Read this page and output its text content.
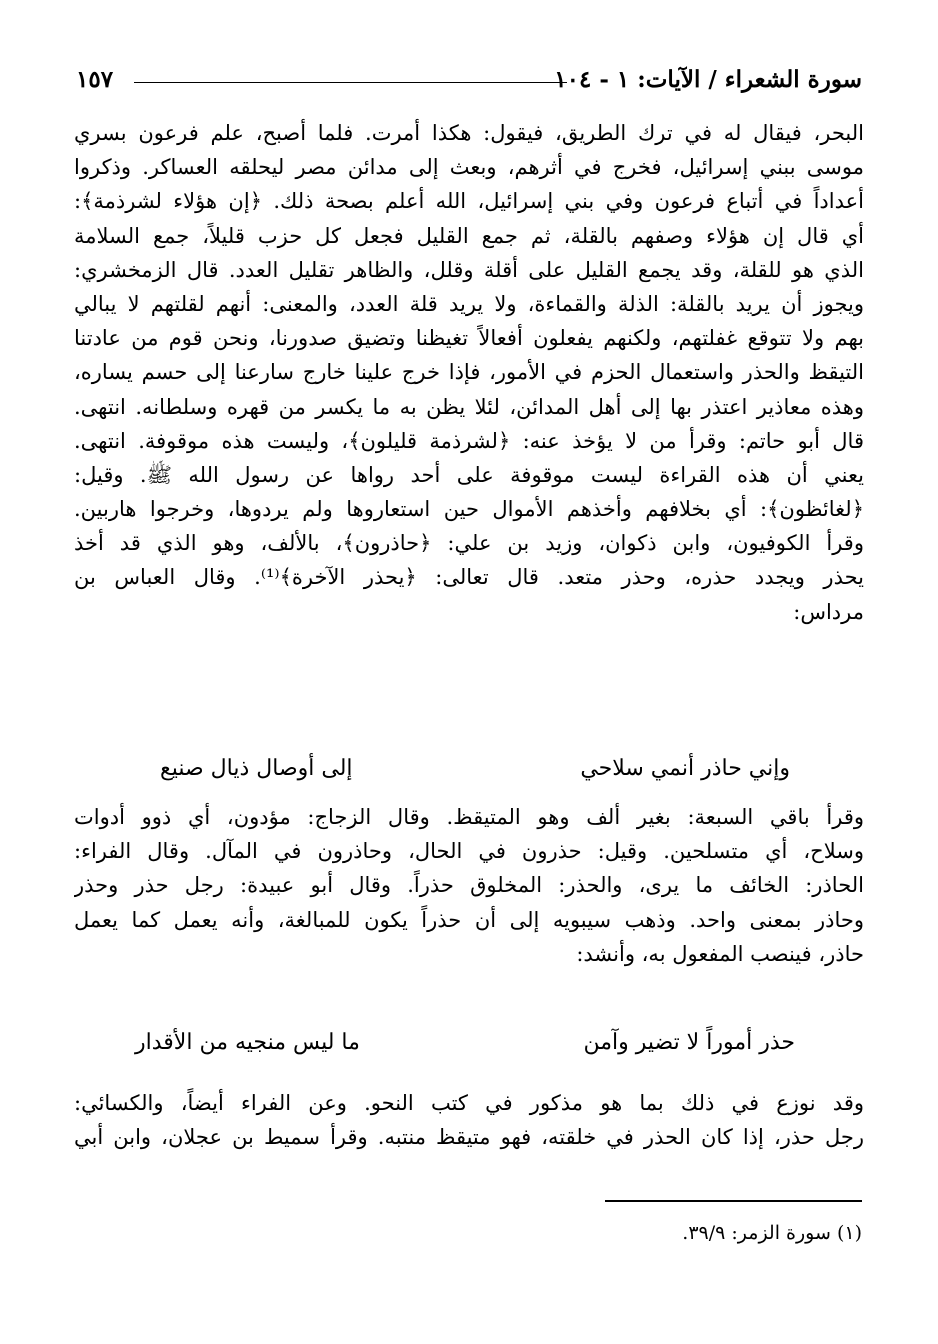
سورة الشعراء / الآيات: ١ - ١٠٤
١٥٧
البحر، فيقال له في ترك الطريق، فيقول: هكذا أمرت. فلما أصبح، علم فرعون بسري
موسى ببني إسرائيل، فخرج في أثرهم، وبعث إلى مدائن مصر ليحلقه العساكر. وذكروا
أعداداً في أتباع فرعون وفي بني إسرائيل، الله أعلم بصحة ذلك. ﴿إن هؤلاء لشرذمة﴾:
أي قال إن هؤلاء وصفهم بالقلة، ثم جمع القليل فجعل كل حزب قليلاً، جمع السلامة
الذي هو للقلة، وقد يجمع القليل على أقلة وقلل، والظاهر تقليل العدد. قال الزمخشري:
ويجوز أن يريد بالقلة: الذلة والقماءة، ولا يريد قلة العدد، والمعنى: أنهم لقلتهم لا يبالي
بهم ولا تتوقع غفلتهم، ولكنهم يفعلون أفعالاً تغيظنا وتضيق صدورنا، ونحن قوم من عادتنا
التيقظ والحذر واستعمال الحزم في الأمور، فإذا خرج علينا خارج سارعنا إلى حسم يساره،
وهذه معاذير اعتذر بها إلى أهل المدائن، لئلا يظن به ما يكسر من قهره وسلطانه. انتهى.
قال أبو حاتم: وقرأ من لا يؤخذ عنه: ﴿لشرذمة قليلون﴾، وليست هذه موقوفة. انتهى.
يعني أن هذه القراءة ليست موقوفة على أحد رواها عن رسول الله ﷺ. وقيل:
﴿لغائظون﴾: أي بخلافهم وأخذهم الأموال حين استعاروها ولم يردوها، وخرجوا هاربين.
وقرأ الكوفيون، وابن ذكوان، وزيد بن علي: ﴿حاذرون﴾، بالألف، وهو الذي قد أخذ
يحذر ويجدد حذره، وحذر متعد. قال تعالى: ﴿يحذر الآخرة﴾⁽¹⁾. وقال العباس بن
مرداس:
وإني حاذر أنمي سلاحي
إلى أوصال ذيال صنيع
وقرأ باقي السبعة: بغير ألف وهو المتيقظ. وقال الزجاج: مؤدون، أي ذوو أدوات
وسلاح، أي متسلحين. وقيل: حذرون في الحال، وحاذرون في المآل. وقال الفراء:
الحاذر: الخائف ما يرى، والحذر: المخلوق حذراً. وقال أبو عبيدة: رجل حذر وحذر
وحاذر بمعنى واحد. وذهب سيبويه إلى أن حذراً يكون للمبالغة، وأنه يعمل كما يعمل
حاذر، فينصب المفعول به، وأنشد:
حذر أموراً لا تضير وآمن
ما ليس منجيه من الأقدار
وقد نوزع في ذلك بما هو مذكور في كتب النحو. وعن الفراء أيضاً، والكسائي:
رجل حذر، إذا كان الحذر في خلقته، فهو متيقظ منتبه. وقرأ سميط بن عجلان، وابن أبي
(١) سورة الزمر: ٣٩/٩.
